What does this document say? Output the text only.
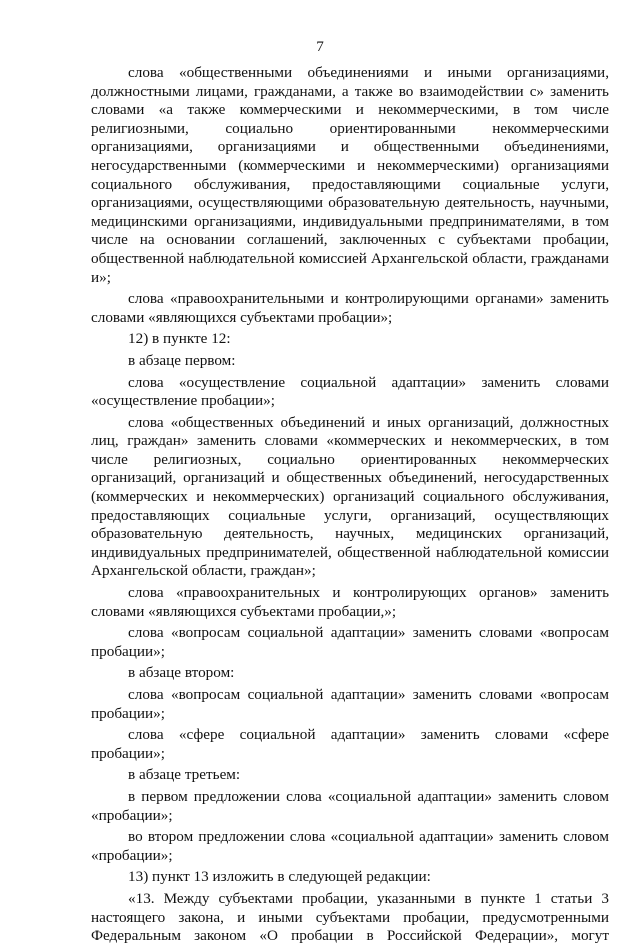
7

слова «общественными объединениями и иными организациями, должностными лицами, гражданами, а также во взаимодействии с» заменить словами «а также коммерческими и некоммерческими, в том числе религиозными, социально ориентированными некоммерческими организациями, организациями и общественными объединениями, негосударственными (коммерческими и некоммерческими) организациями социального обслуживания, предоставляющими социальные услуги, организациями, осуществляющими образовательную деятельность, научными, медицинскими организациями, индивидуальными предпринимателями, в том числе на основании соглашений, заключенных с субъектами пробации, общественной наблюдательной комиссией Архангельской области, гражданами и»;

слова «правоохранительными и контролирующими органами» заменить словами «являющихся субъектами пробации»;

12) в пункте 12:

в абзаце первом:

слова «осуществление социальной адаптации» заменить словами «осуществление пробации»;

слова «общественных объединений и иных организаций, должностных лиц, граждан» заменить словами «коммерческих и некоммерческих, в том числе религиозных, социально ориентированных некоммерческих организаций, организаций и общественных объединений, негосударственных (коммерческих и некоммерческих) организаций социального обслуживания, предоставляющих социальные услуги, организаций, осуществляющих образовательную деятельность, научных, медицинских организаций, индивидуальных предпринимателей, общественной наблюдательной комиссии Архангельской области, граждан»;

слова «правоохранительных и контролирующих органов» заменить словами «являющихся субъектами пробации,»;

слова «вопросам социальной адаптации» заменить словами «вопросам пробации»;

в абзаце втором:

слова «вопросам социальной адаптации» заменить словами «вопросам пробации»;

слова «сфере социальной адаптации» заменить словами «сфере пробации»;

в абзаце третьем:

в первом предложении слова «социальной адаптации» заменить словом «пробации»;

во втором предложении слова «социальной адаптации» заменить словом «пробации»;

13) пункт 13 изложить в следующей редакции:

«13. Между субъектами пробации, указанными в пункте 1 статьи 3 настоящего закона, и иными субъектами пробации, предусмотренными Федеральным законом «О пробации в Российской Федерации», могут
